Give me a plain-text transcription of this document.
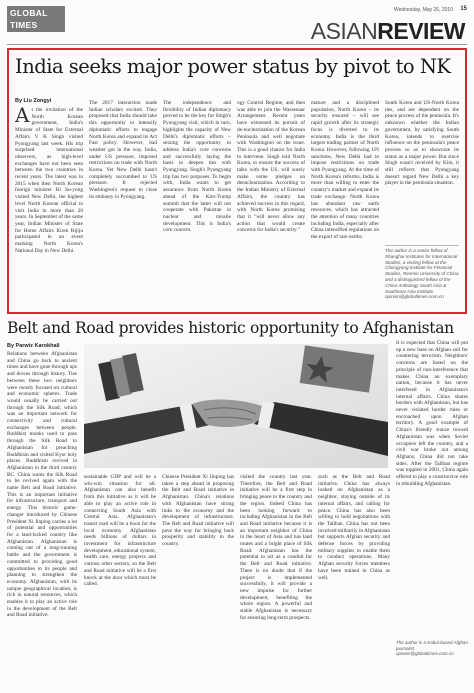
GLOBAL
TIMES
Wednesday, May 26, 2010 15
ASIANREVIEW
India seeks major power status by pivot to NK
By Liu Zongyi
At the invitation of the North Korean government, India's Minister of State for External Affairs V K Singh visited Pyongyang last week. His trip surprised international observers, as high-level exchanges have not been seen between the two countries in recent years. The latest was in 2015 when then North Korean foreign minister Ri Su-yong visited New Delhi, the highest level North Korean official to visit India in more than 20 years. In September of the same year, Indian Minister of State for Home Affairs Kiren Rijiju participated in an event marking North Korea's National Day in New Delhi.
The 2017 interaction made Indian scholars excited. They proposed that India should take this opportunity to intensify diplomatic efforts to engage North Korea and expand its Act Fast policy. However, bad weather got in the way. India, under US pressure, imposed restrictions on trade with North Korea. Yet New Delhi hasn't completely succumbed to US pressure. It rejected Washington's request to close its embassy in Pyongyang.
The independence and flexibility of Indian diplomacy proved to be the key for Singh's Pyongyang visit, which in turn, highlights the capacity of New Delhi's diplomatic efforts – seizing the opportunity to address India's core concerns and successfully laying the basis to deepen ties with Pyongyang. Singh's Pyongyang trip has two purposes. To begin with, India wants to get assurance from North Korea ahead of the Kim-Trump summit that the latter will not cooperate with Pakistan in nuclear and missile development. This is India's core concern.
ogy Control Regime, and then was able to join the Wassenaar Arrangement. Recent years have witnessed its pursuit of de-nuclearization of the Korean Peninsula and well negotiate with Washington on the issue. This is a good chance for India to intervene. Singh told North Korea, to ensure the success of talks with the US, will surely make some pledges on denuclearization. According to the Indian Ministry of External Affairs, the country has achieved success in this regard, with North Korea promising that it "will never allow any action that would create concerns for India's security."
mature and a disciplined population, North Korea – its security ensured – will see rapid growth after its strategic focus is diverted to its economy. India is the third largest trading partner of North Korea. However, following UN sanctions, New Delhi had to impose restrictions on trade with Pyongyang. At the time of North Korea's reforms, India is more than willing to enter the country's market and expand its trade exchange. North Korea has abundant raw earth resources, which has attracted the attention of many countries including India, especially after China intensified regulations on the export of rare earths.
South Korea and US-North Korea ties, and are dependent on the peace process of the peninsula. It's unknown whether the Indian government, by satisfying South Korea, intends to exercise influence on the peninsula's peace process so as to showcase its status as a major power. But since Singh wasn't received by Kim, it still reflects that Pyongyang doesn't regard New Delhi a key player in the peninsula situation.
The author is a senior fellow of Shanghai Institutes for International Studies, a visiting fellow at the Chongyang Institute for Financial Studies, Renmin University of China and a distinguished fellow of the China Anthology South Asia & Southeast Asia Institute. opinion@globaltimes.com.cn
Belt and Road provides historic opportunity to Afghanistan
By Parwiz Karokhail
Relations between Afghanistan and China go back to ancient times and have gone through ups and downs through history. Ties between these two neighbors were mostly focused on cultural and economic spheres. Trade would usually be carried out through the Silk Road, which was an important network for connectivity and cultural exchanges between people. Buddhist monks used to pass through the Silk Road to Afghanistan for preaching Buddhism and visited Kyor holy places. Buddhism revived in Afghanistan in the third century BC. China wants the Silk Road to be revived again with the name Belt and Road initiative. This is an important initiative for infrastructure, transport and energy. This historic game-changer introduced by Chinese President Xi Jinping carries a lot of potential and opportunities for a land-locked country like Afghanistan. Afghanistan is coming out of a long-running battle and the government is committed to providing good opportunities to its people and planning to strengthen the economy. Afghanistan, with its unique geographical location, is rich in natural resources, which enables it to play an active role in the development of the Belt and Road initiative.
sustainable GDP and will be a win-win situation for all. Afghanistan can also benefit from this initiative as it will be able to play an active role in connecting South Asia with Central Asia. Afghanistan's transit road will be a boon for the local economy. Afghanistan needs billions of dollars in investment for infrastructure development, educational system, health care, energy projects and various other sectors, so the Belt and Road initiative will be a first knock at the door which must be called.
Chinese President Xi Jinping has taken a step ahead in proposing the Belt and Road initiative in Afghanistan. China's relations with Afghanistan have strong links to the economy and the development of infrastructure. The Belt and Road initiative will pave the way for bringing back prosperity and stability in the country.
visited the country last year. Therefore, the Belt and Road initiative will be a first step in bringing peace to the country and the region. Indeed China has been looking forward to including Afghanistan in the Belt and Road initiative because it is an important neighbor of China in the heart of Asia and has land routes and a bright place of Silk Road. Afghanistan has the potential to act as a conduit for the Belt and Road initiative. There is no doubt that if the project is implemented successfully, it will provide a new impulse for further development, benefiting the whole region. A powerful and stable Afghanistan is necessary for ensuring long-term prospects.
such as the Belt and Road initiative. China has always looked on Afghanistan as a neighbor, staying outside of its internal affairs, and calling for peace. China has also been willing to hold negotiations with the Taliban. China has not been involved militarily in Afghanistan but supports Afghan security and defense forces by providing military supplies to enable them to conduct operations. Many Afghan security forces members have been trained in China as well.
It is expected that China will put up a new base on Afghan soil for countering terrorism. Neighbors' concerns are based on the principle of non-interference that makes China an exemplary nation, because it has never interfered in Afghanistan's internal affairs. China shares borders with Afghanistan, but has never violated border rules or encroached upon Afghan territory. A good example of China's friendly stance toward Afghanistan was when Soviet occupiers left the country, and a civil war broke out among Afghans, China did not take sides. After the Taliban regime was toppled in 2001, China again offered to play a constructive role in rebuilding Afghanistan.
The author is a Kabul-based Afghan journalist. opinion@globaltimes.com.cn
